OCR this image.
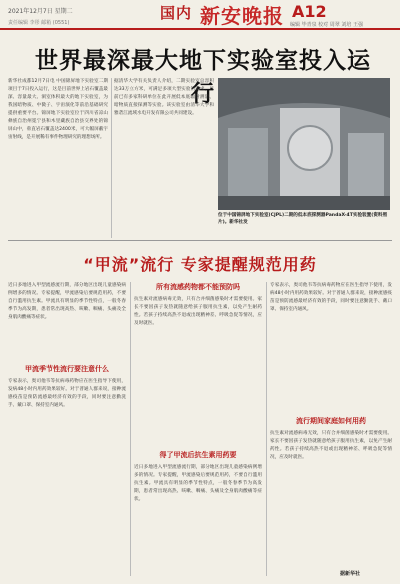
2021年12月7日 星期二
责任编辑 李彤 邮箱 (0551)
国内 新安晚报 A12
编辑 毕青泉 校对 周翠 刘培 王强
世界最深最大地下实验室投入运行
新华社成都12月7日电 中国锦屏地下实验室二期项目于7日投入运行，这是目前世界上岩石覆盖最深、容量最大、洞室体积最大的地下实验室，为我国暗物质、中微子、宇宙演化等前沿基础研究提供重要平台。锦屏地下实验室位于四川省凉山彝族自治州冕宁县和木里藏族自治县交界处的锦屏山中，垂直岩石覆盖达2400米，可大幅屏蔽宇宙射线，是开展稀有事件物理研究的理想场所。
据清华大学有关负责人介绍，二期实验室总容积达33万立方米，可满足多项大型实验的需求，目前已有多家科研单位在此开展低本底辐射测量、暗物质直接探测等实验。该实验室由清华大学和雅砻江流域水电开发有限公司共同建设。
位于中国锦屏地下实验室(CJPL)二期的低本底探测器PandaX-4T实验装置(资料照片)。新华社发
“甲流”流行 专家提醒规范用药
近日多地进入甲型流感流行期，部分地区出现儿童感染病例增多的情况。专家提醒，甲流感染后要规范用药，不要自行滥用抗生素。甲流具有明显的季节性特点，一般冬春季节为高发期，患者常出现高热、咳嗽、咽痛、头痛及全身肌肉酸痛等症状。
甲流季节性流行要注意什么
专家表示，奥司他韦等抗病毒药物应在医生指导下使用，发病48小时内用药效果较好。对于普通人群来说，接种流感疫苗是预防流感最经济有效的手段，同时要注意勤洗手、戴口罩、保持室内通风。
所有流感药物都不能预防吗
抗生素对流感病毒无效，只有合并细菌感染时才需要使用。家长不要因孩子发热就随意给孩子服用抗生素，以免产生耐药性。若孩子持续高热不退或出现精神差、呼吸急促等情况，应及时就医。
得了甲流后抗生素用药要
近日多地进入甲型流感流行期，部分地区出现儿童感染病例增多的情况。专家提醒，甲流感染后要规范用药，不要自行滥用抗生素。甲流具有明显的季节性特点，一般冬春季节为高发期，患者常出现高热、咳嗽、咽痛、头痛及全身肌肉酸痛等症状。
专家表示，奥司他韦等抗病毒药物应在医生指导下使用，发病48小时内用药效果较好。对于普通人群来说，接种流感疫苗是预防流感最经济有效的手段，同时要注意勤洗手、戴口罩、保持室内通风。
流行期间家庭如何用药
抗生素对流感病毒无效，只有合并细菌感染时才需要使用。家长不要因孩子发热就随意给孩子服用抗生素，以免产生耐药性。若孩子持续高热不退或出现精神差、呼吸急促等情况，应及时就医。
据新华社
